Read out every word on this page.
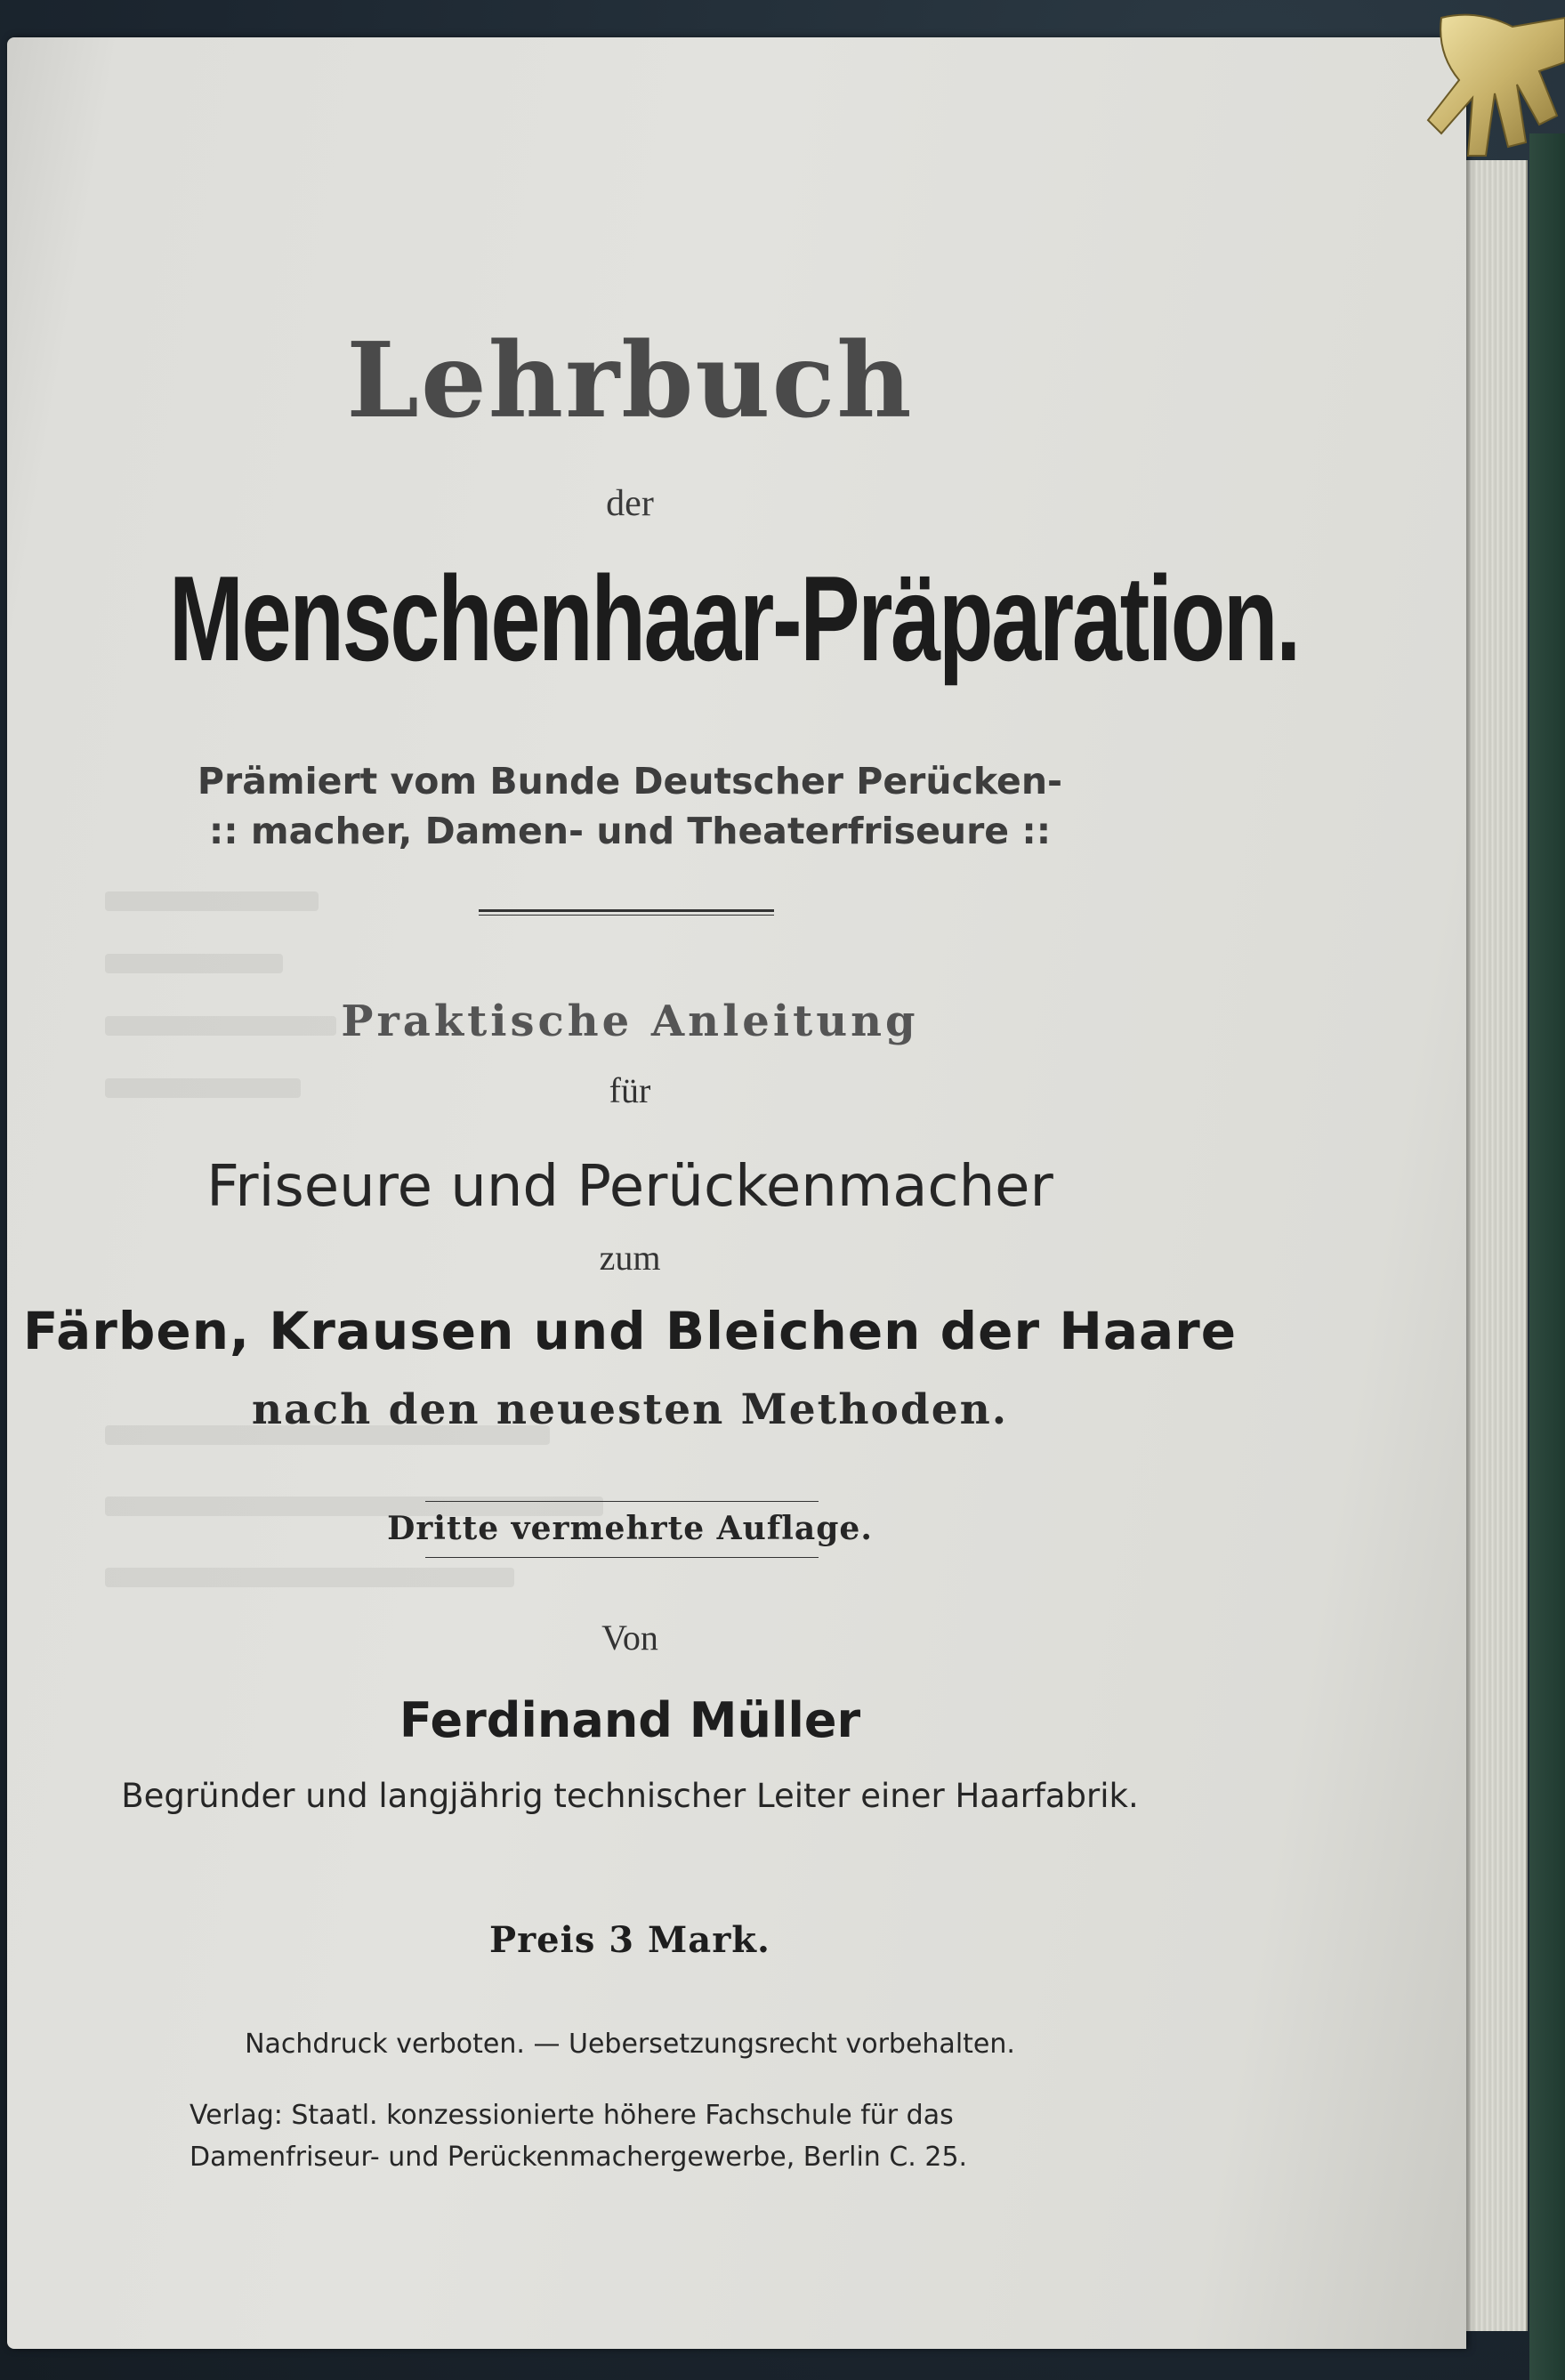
Lehrbuch
der
Menschenhaar-Präparation.
Prämiert vom Bunde Deutscher Perücken-
:: macher, Damen- und Theaterfriseure ::
Praktische Anleitung
für
Friseure und Perückenmacher
zum
Färben, Krausen und Bleichen der Haare
nach den neuesten Methoden.
Dritte vermehrte Auflage.
Von
Ferdinand Müller
Begründer und langjährig technischer Leiter einer Haarfabrik.
Preis 3 Mark.
Nachdruck verboten. — Uebersetzungsrecht vorbehalten.
Verlag: Staatl. konzessionierte höhere Fachschule für das
Damenfriseur- und Perückenmachergewerbe, Berlin C. 25.
